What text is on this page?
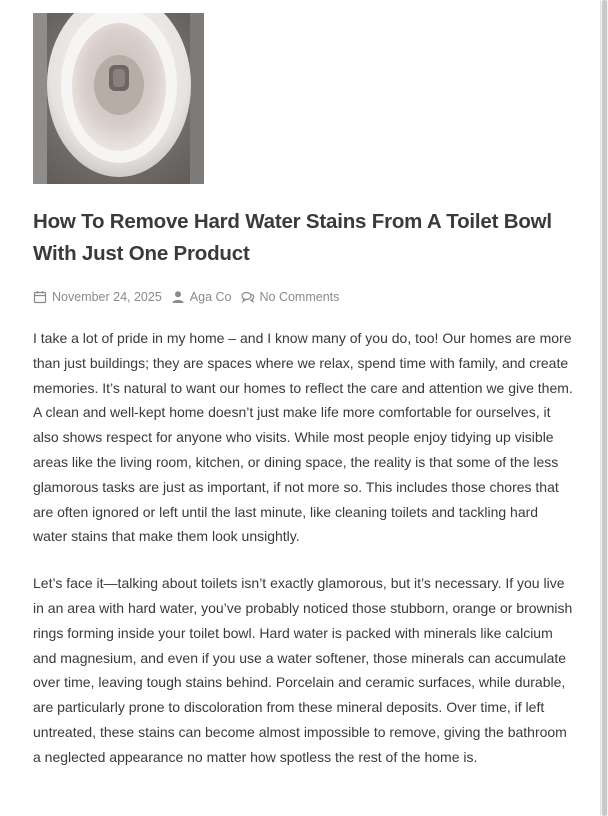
How To Remove Hard Water Stains From A Toilet Bowl With Just One Product
November 24, 2025 Aga Co No Comments

I take a lot of pride in my home – and I know many of you do, too! Our homes are more than just buildings; they are spaces where we relax, spend time with family, and create memories. It’s natural to want our homes to reflect the care and attention we give them. A clean and well-kept home doesn’t just make life more comfortable for ourselves, it also shows respect for anyone who visits. While most people enjoy tidying up visible areas like the living room, kitchen, or dining space, the reality is that some of the less glamorous tasks are just as important, if not more so. This includes those chores that are often ignored or left until the last minute, like cleaning toilets and tackling hard water stains that make them look unsightly.

Let’s face it—talking about toilets isn’t exactly glamorous, but it’s necessary. If you live in an area with hard water, you’ve probably noticed those stubborn, orange or brownish rings forming inside your toilet bowl. Hard water is packed with minerals like calcium and magnesium, and even if you use a water softener, those minerals can accumulate over time, leaving tough stains behind. Porcelain and ceramic surfaces, while durable, are particularly prone to discoloration from these mineral deposits. Over time, if left untreated, these stains can become almost impossible to remove, giving the bathroom a neglected appearance no matter how spotless the rest of the home is.
